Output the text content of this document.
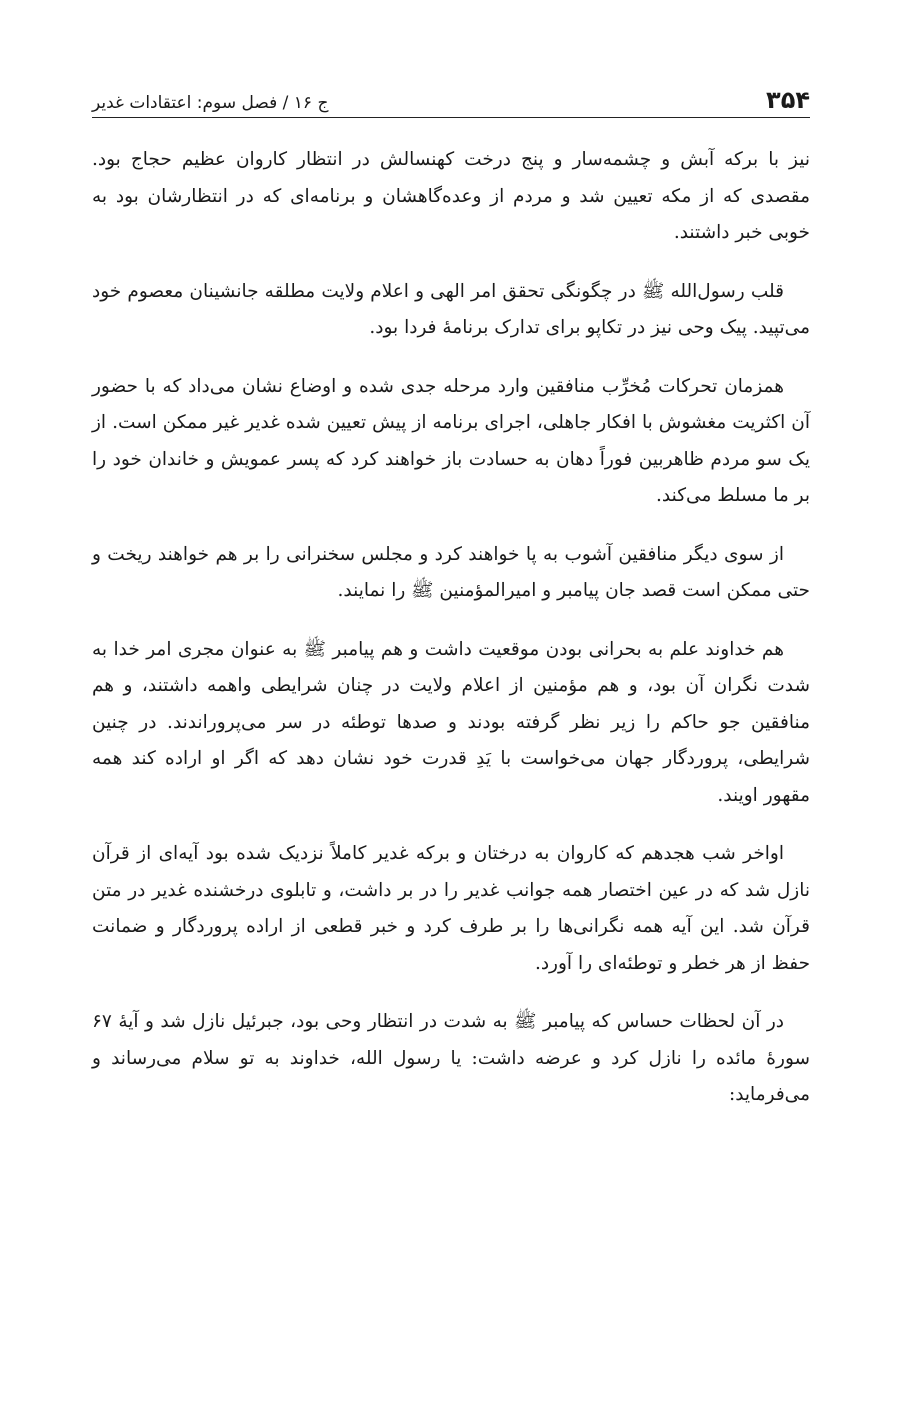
۳۵۴
ج ۱۶ / فصل سوم: اعتقادات غدیر

نیز با برکه آبش و چشمه‌سار و پنج درخت کهنسالش در انتظار کاروان عظیم حجاج بود. مقصدی که از مکه تعیین شد و مردم از وعده‌گاهشان و برنامه‌ای که در انتظارشان بود به خوبی خبر داشتند.

قلب رسول‌الله ﷺ در چگونگی تحقق امر الهی و اعلام ولایت مطلقه جانشینان معصوم خود می‌تپید. پیک وحی نیز در تکاپو برای تدارک برنامهٔ فردا بود.

همزمان تحرکات مُخرِّب منافقین وارد مرحله جدی شده و اوضاع نشان می‌داد که با حضور آن اکثریت مغشوش با افکار جاهلی، اجرای برنامه از پیش تعیین شده غدیر غیر ممکن است. از یک سو مردم ظاهربین فوراً دهان به حسادت باز خواهند کرد که پسر عمویش و خاندان خود را بر ما مسلط می‌کند.

از سوی دیگر منافقین آشوب به پا خواهند کرد و مجلس سخنرانی را بر هم خواهند ریخت و حتی ممکن است قصد جان پیامبر و امیرالمؤمنین ﷺ را نمایند.

هم خداوند علم به بحرانی بودن موقعیت داشت و هم پیامبر ﷺ به عنوان مجری امر خدا به شدت نگران آن بود، و هم مؤمنین از اعلام ولایت در چنان شرایطی واهمه داشتند، و هم منافقین جو حاکم را زیر نظر گرفته بودند و صدها توطئه در سر می‌پروراندند. در چنین شرایطی، پروردگار جهان می‌خواست با یَدِ قدرت خود نشان دهد که اگر او اراده کند همه مقهور اویند.

اواخر شب هجدهم که کاروان به درختان و برکه غدیر کاملاً نزدیک شده بود آیه‌ای از قرآن نازل شد که در عین اختصار همه جوانب غدیر را در بر داشت، و تابلوی درخشنده غدیر در متن قرآن شد. این آیه همه نگرانی‌ها را بر طرف کرد و خبر قطعی از اراده پروردگار و ضمانت حفظ از هر خطر و توطئه‌ای را آورد.

در آن لحظات حساس که پیامبر ﷺ به شدت در انتظار وحی بود، جبرئیل نازل شد و آیهٔ ۶۷ سورهٔ مائده را نازل کرد و عرضه داشت: یا رسول الله، خداوند به تو سلام می‌رساند و می‌فرماید:
